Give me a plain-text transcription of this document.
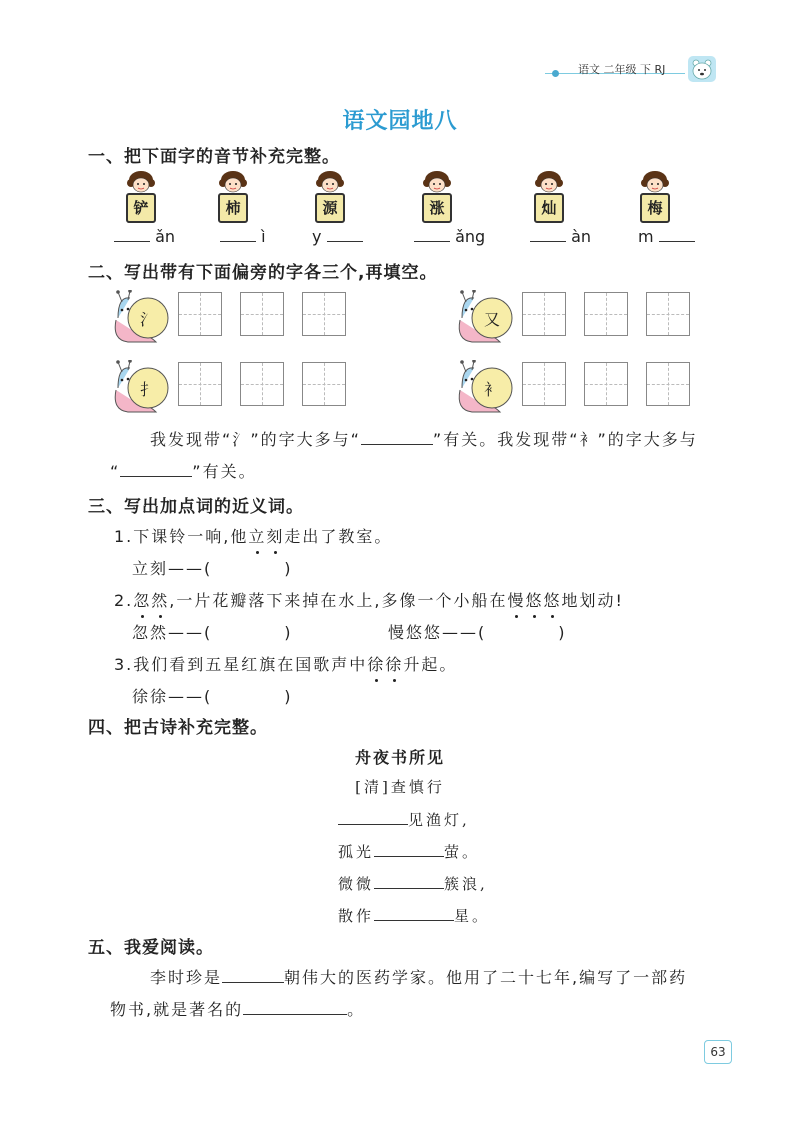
语文 二年级 下 RJ
语文园地八
一、把下面字的音节补充完整。
铲
ǎn
柿
ì
源
y
涨
ǎng
灿
àn
梅
m
二、写出带有下面偏旁的字各三个,再填空。
氵	又
扌	衤
我发现带“氵”的字大多与“	”有关。我发现带“衤”的字大多与
“	”有关。
三、写出加点词的近义词。
1.下课铃一响,他立刻走出了教室。
立刻——(	)
2.忽然,一片花瓣落下来掉在水上,多像一个小船在慢悠悠地划动!
忽然——(	)	慢悠悠——(	)
3.我们看到五星红旗在国歌声中徐徐升起。
徐徐——(	)
四、把古诗补充完整。
舟夜书所见
[清]查慎行
见渔灯,
孤光	萤。
微微	簇浪,
散作	星。
五、我爱阅读。
李时珍是	朝伟大的医药学家。他用了二十七年,编写了一部药
物书,就是著名的	。
63
